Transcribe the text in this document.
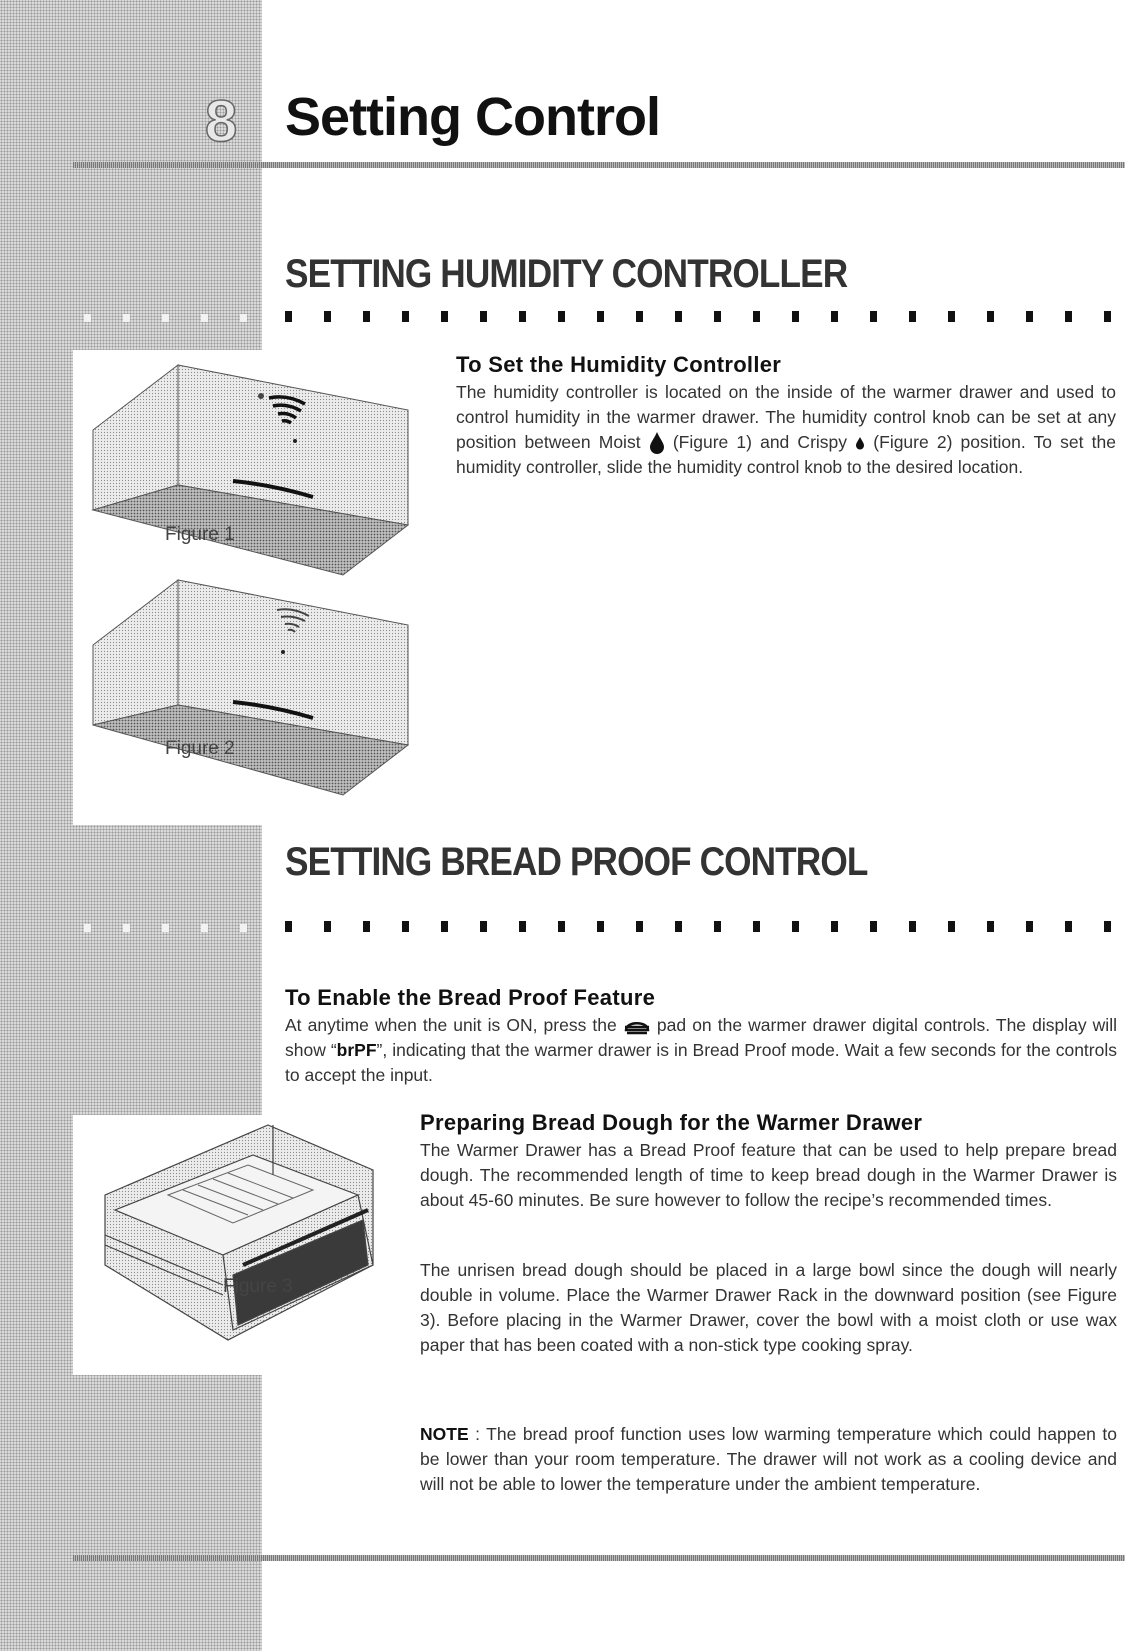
8 Setting Control
SETTING HUMIDITY CONTROLLER
Figure 1
Figure 2
To Set the Humidity Controller

The humidity controller is located on the inside of the warmer drawer and used to control humidity in the warmer drawer. The humidity control knob can be set at any position between Moist (Figure 1) and Crispy (Figure 2) position. To set the humidity controller, slide the humidity control knob to the desired location.

SETTING BREAD PROOF CONTROL
To Enable the Bread Proof Feature

At anytime when the unit is ON, press the pad on the warmer drawer digital controls. The display will show “brPF”, indicating that the warmer drawer is in Bread Proof mode. Wait a few seconds for the controls to accept the input.

Figure 3
Preparing Bread Dough for the Warmer Drawer

The Warmer Drawer has a Bread Proof feature that can be used to help prepare bread dough. The recommended length of time to keep bread dough in the Warmer Drawer is about 45-60 minutes. Be sure however to follow the recipe’s recommended times.

The unrisen bread dough should be placed in a large bowl since the dough will nearly double in volume. Place the Warmer Drawer Rack in the downward position (see Figure 3). Before placing in the Warmer Drawer, cover the bowl with a moist cloth or use wax paper that has been coated with a non-stick type cooking spray.

NOTE : The bread proof function uses low warming temperature which could happen to be lower than your room temperature. The drawer will not work as a cooling device and will not be able to lower the temperature under the ambient temperature.
